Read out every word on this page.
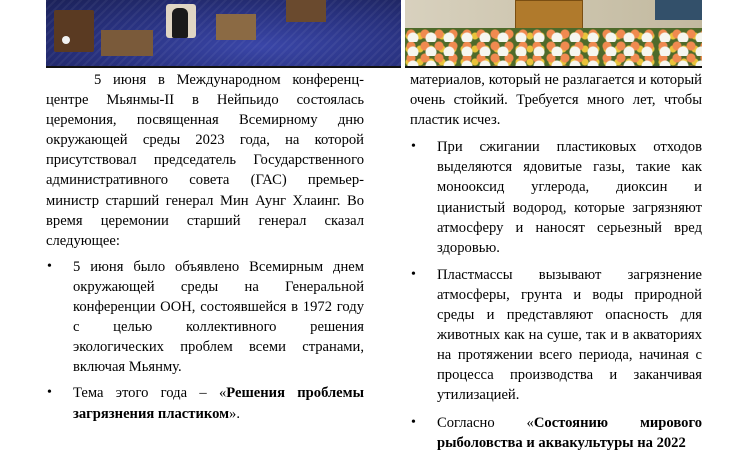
5 июня в Международном конференц-центре Мьянмы-II в Нейпьидо состоялась церемония, посвященная Всемирному дню окружающей среды 2023 года, на которой присутствовал председатель Государственного административного совета (ГАС) премьер-министр старший генерал Мин Аунг Хлаинг. Во время церемонии старший генерал сказал следующее:

• 5 июня было объявлено Всемирным днем окружающей среды на Генеральной конференции ООН, состоявшейся в 1972 году с целью коллективного решения экологических проблем всеми странами, включая Мьянму.
• Тема этого года – «Решения проблемы загрязнения пластиком».

материалов, который не разлагается и который очень стойкий. Требуется много лет, чтобы пластик исчез.

• При сжигании пластиковых отходов выделяются ядовитые газы, такие как монооксид углерода, диоксин и цианистый водород, которые загрязняют атмосферу и наносят серьезный вред здоровью.
• Пластмассы вызывают загрязнение атмосферы, грунта и воды природной среды и представляют опасность для животных как на суше, так и в акваториях на протяжении всего периода, начиная с процесса производства и заканчивая утилизацией.
• Согласно «Состоянию мирового рыболовства и аквакультуры на 2022
